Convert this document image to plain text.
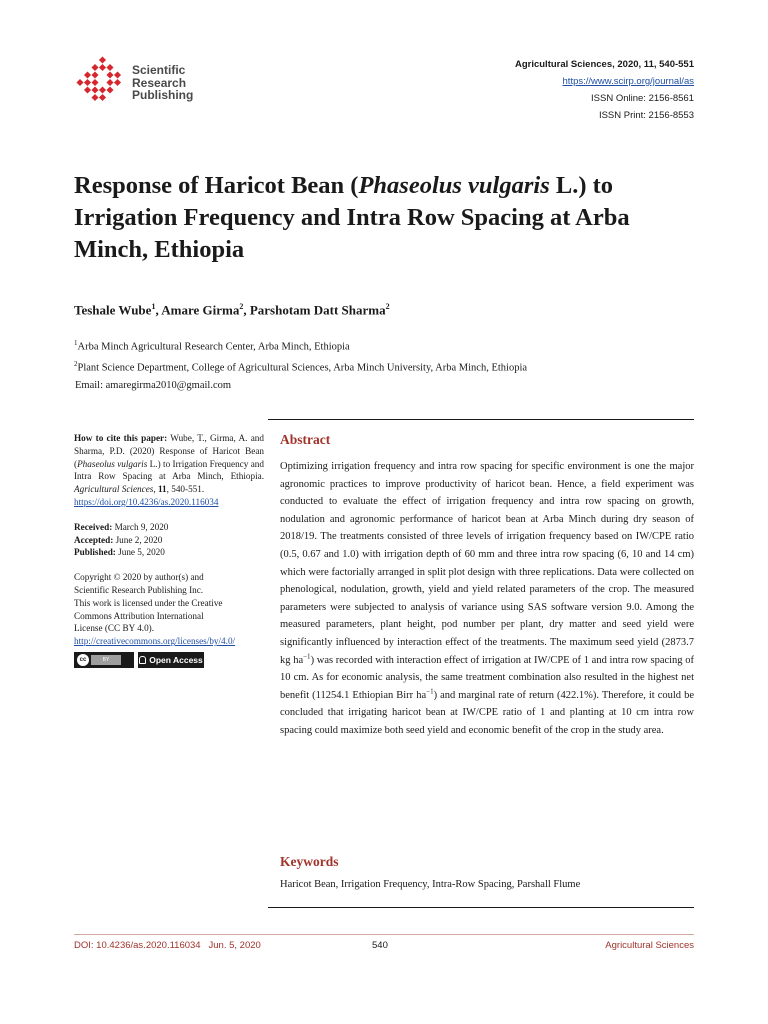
Scientific
Research
Publishing
Agricultural Sciences, 2020, 11, 540-551
https://www.scirp.org/journal/as
ISSN Online: 2156-8561
ISSN Print: 2156-8553
Response of Haricot Bean (Phaseolus vulgaris L.) to Irrigation Frequency and Intra Row Spacing at Arba Minch, Ethiopia
Teshale Wube$^1$, Amare Girma$^2$, Parshotam Datt Sharma$^2$
$^1$Arba Minch Agricultural Research Center, Arba Minch, Ethiopia
$^2$Plant Science Department, College of Agricultural Sciences, Arba Minch University, Arba Minch, Ethiopia
Email: amaregirma2010@gmail.com

How to cite this paper: Wube, T., Girma, A. and Sharma, P.D. (2020) Response of Haricot Bean (Phaseolus vulgaris L.) to Irrigation Frequency and Intra Row Spacing at Arba Minch, Ethiopia. Agricultural Sciences, 11, 540-551.
https://doi.org/10.4236/as.2020.116034

Received: March 9, 2020
Accepted: June 2, 2020
Published: June 5, 2020

Copyright © 2020 by author(s) and
Scientific Research Publishing Inc.
This work is licensed under the Creative
Commons Attribution International
License (CC BY 4.0).
http://creativecommons.org/licenses/by/4.0/

cc	BY	Open Access
Abstract

Optimizing irrigation frequency and intra row spacing for specific environment is one the major agronomic practices to improve productivity of haricot bean. Hence, a field experiment was conducted to evaluate the effect of irrigation frequency and intra row spacing on growth, nodulation and agronomic performance of haricot bean at Arba Minch during dry season of 2018/19. The treatments consisted of three levels of irrigation frequency based on IW/CPE ratio (0.5, 0.67 and 1.0) with irrigation depth of 60 mm and three intra row spacing (6, 10 and 14 cm) which were factorially arranged in split plot design with three replications. Data were collected on phenological, nodulation, growth, yield and yield related parameters of the crop. The measured parameters were subjected to analysis of variance using SAS software version 9.0. Among the measured parameters, plant height, pod number per plant, dry matter and seed yield were significantly influenced by interaction effect of the treatments. The maximum seed yield (2873.7 kg $ha^{-1}$) was recorded with interaction effect of irrigation at IW/CPE of 1 and intra row spacing of 10 cm. As for economic analysis, the same treatment combination also resulted in the highest net benefit (11254.1 Ethiopian Birr $ha^{-1}$) and marginal rate of return (422.1%). Therefore, it could be concluded that irrigating haricot bean at IW/CPE ratio of 1 and planting at 10 cm intra row spacing could maximize both seed yield and economic benefit of the crop in the study area.

Keywords

Haricot Bean, Irrigation Frequency, Intra-Row Spacing, Parshall Flume

DOI: 10.4236/as.2020.116034 Jun. 5, 2020	540	Agricultural Sciences
